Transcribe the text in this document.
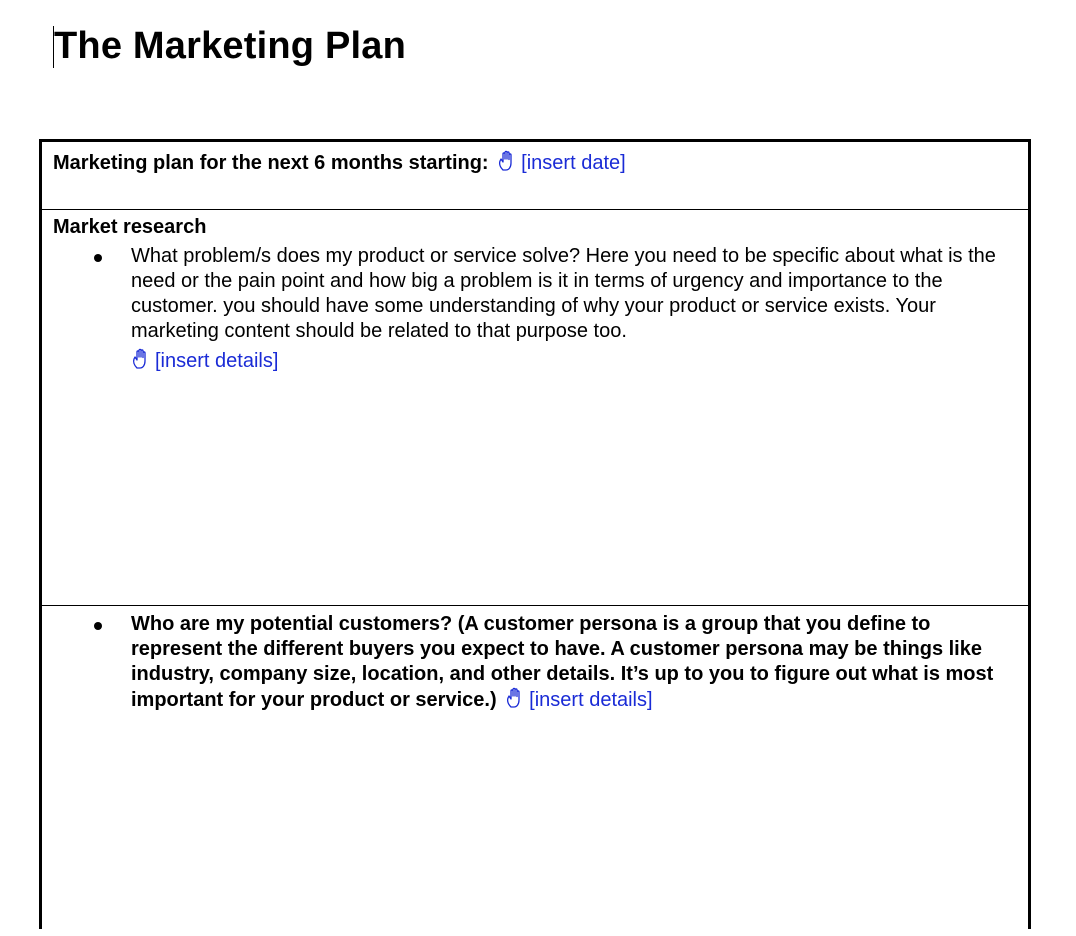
The Marketing Plan
Marketing plan for the next 6 months starting: [insert date]
Market research
What problem/s does my product or service solve? Here you need to be specific about what is the need or the pain point and how big a problem is it in terms of urgency and importance to the customer. you should have some understanding of why your product or service exists. Your marketing content should be related to that purpose too.
[insert details]
Who are my potential customers? (A customer persona is a group that you define to represent the different buyers you expect to have. A customer persona may be things like industry, company size, location, and other details. It’s up to you to figure out what is most important for your product or service.) [insert details]
